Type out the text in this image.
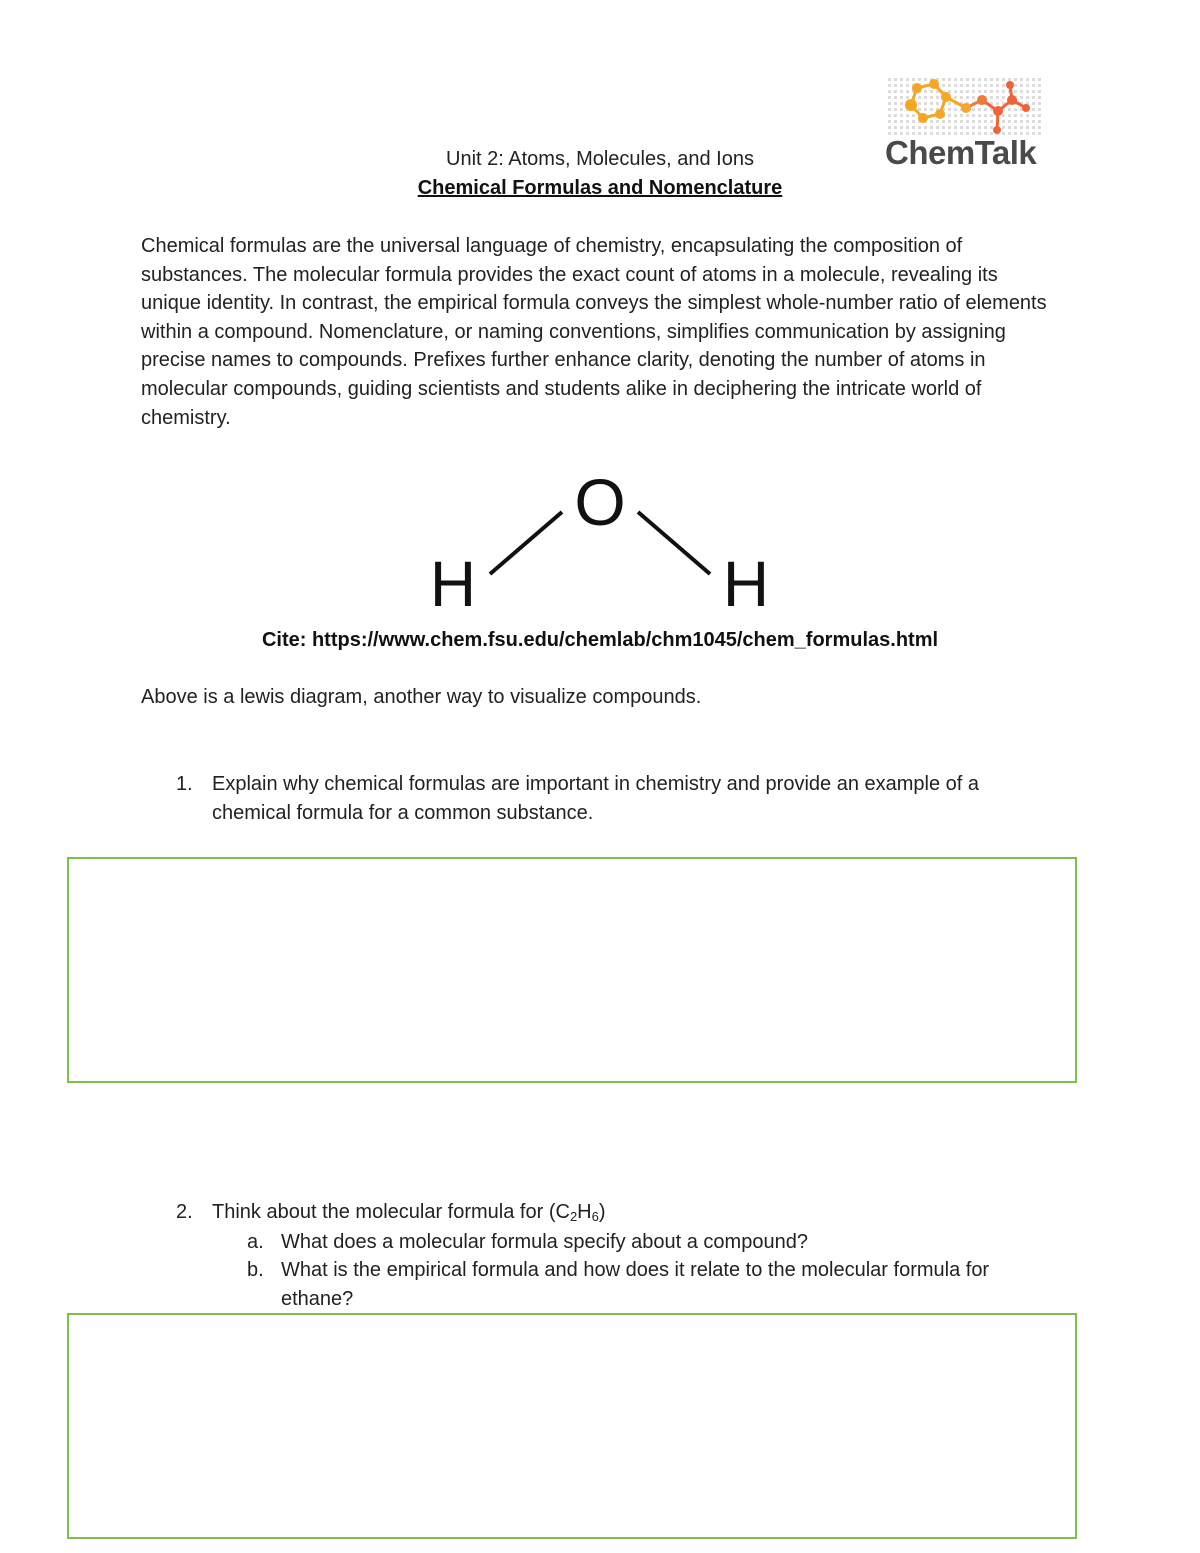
ChemTalk
Unit 2: Atoms, Molecules, and Ions
Chemical Formulas and Nomenclature

Chemical formulas are the universal language of chemistry, encapsulating the composition of substances. The molecular formula provides the exact count of atoms in a molecule, revealing its unique identity. In contrast, the empirical formula conveys the simplest whole-number ratio of elements within a compound. Nomenclature, or naming conventions, simplifies communication by assigning precise names to compounds. Prefixes further enhance clarity, denoting the number of atoms in molecular compounds, guiding scientists and students alike in deciphering the intricate world of chemistry.

O
H	H
Cite: https://www.chem.fsu.edu/chemlab/chm1045/chem_formulas.html
Above is a lewis diagram, another way to visualize compounds.
1. Explain why chemical formulas are important in chemistry and provide an example of a chemical formula for a common substance.
2. Think about the molecular formula for $(C_2H_6)$
a. What does a molecular formula specify about a compound?
b. What is the empirical formula and how does it relate to the molecular formula for ethane?
